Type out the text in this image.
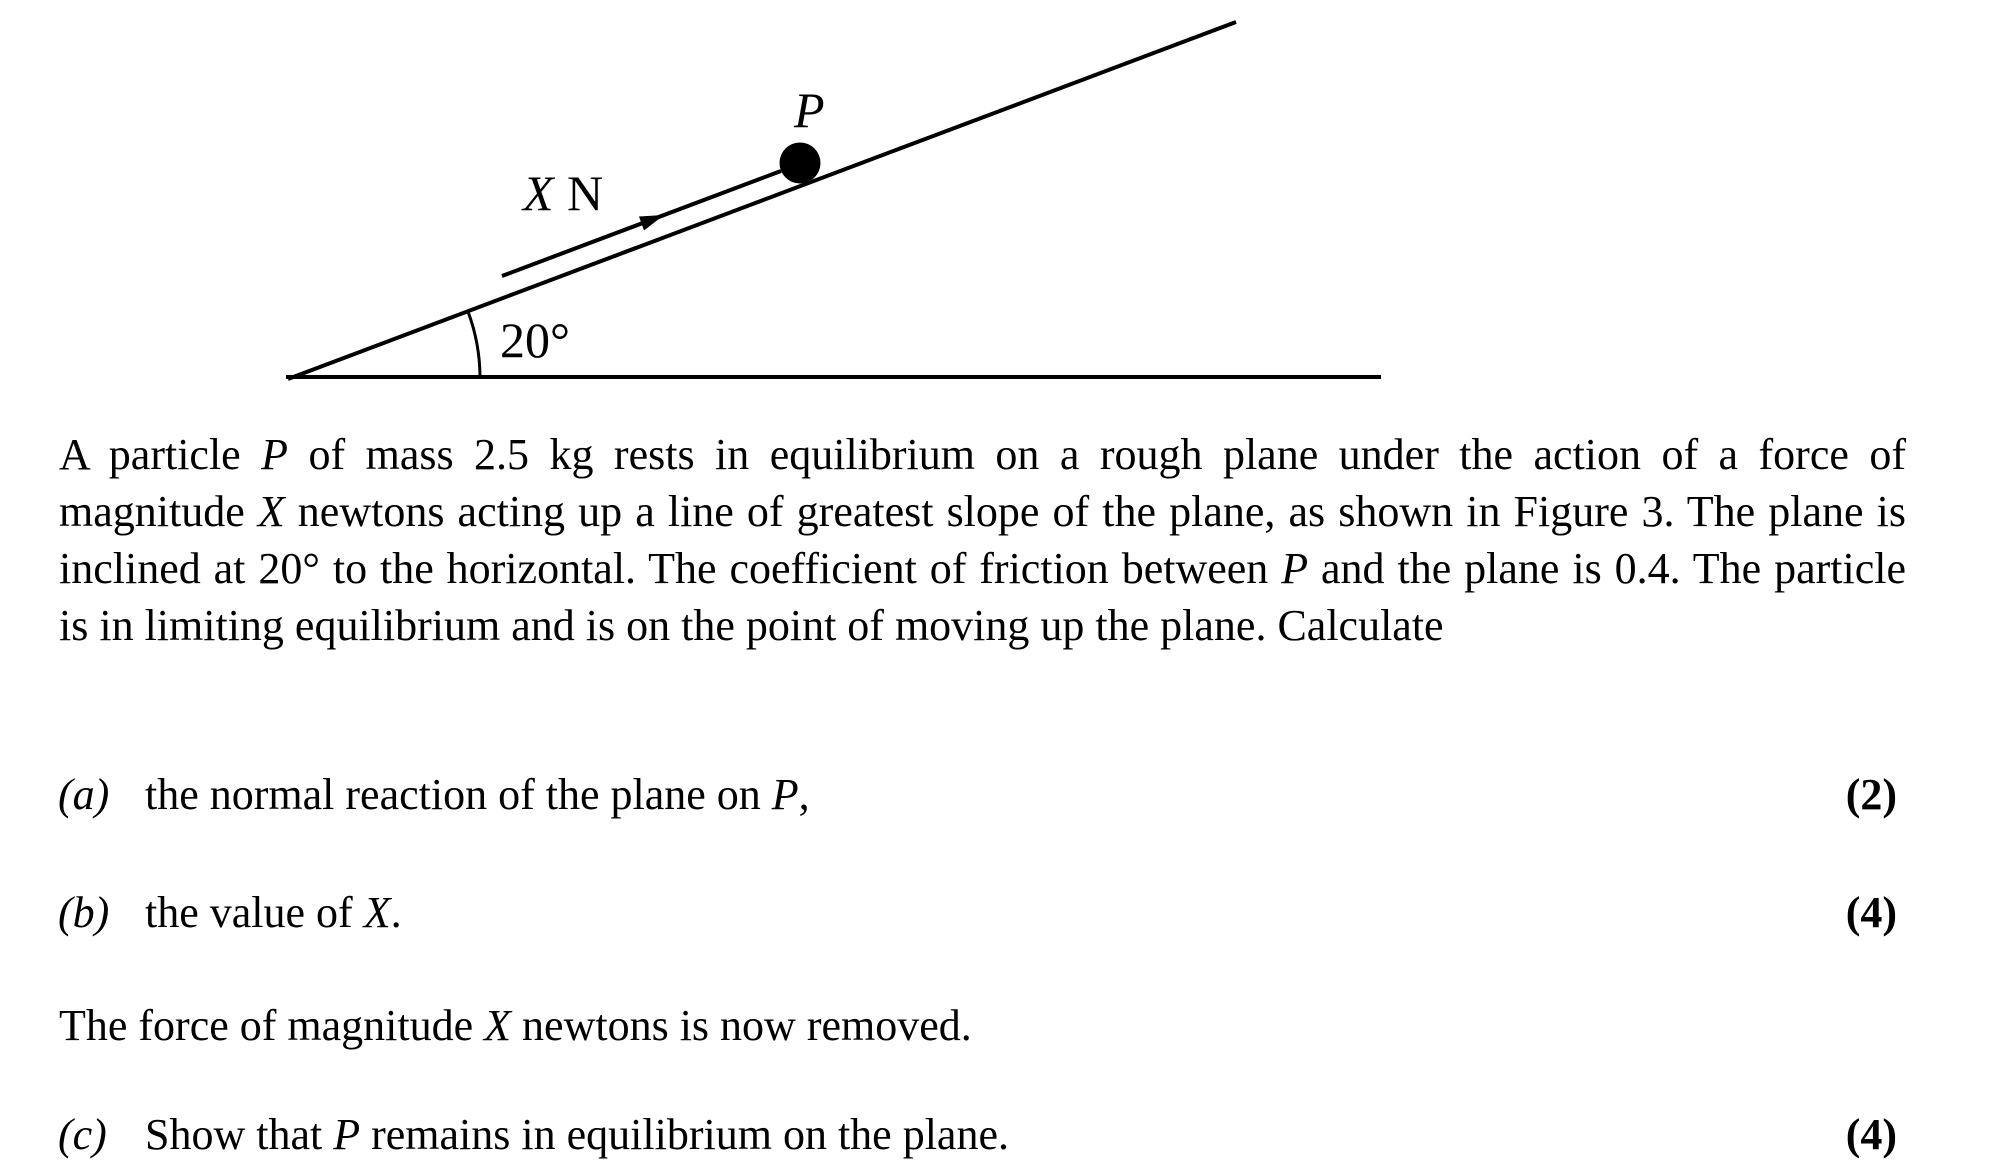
P
X N
20°
A particle P of mass 2.5 kg rests in equilibrium on a rough plane under the action of a force of magnitude X newtons acting up a line of greatest slope of the plane, as shown in Figure 3. The plane is inclined at 20° to the horizontal. The coefficient of friction between P and the plane is 0.4. The particle is in limiting equilibrium and is on the point of moving up the plane. Calculate
(a) the normal reaction of the plane on P,	(2)
(b) the value of X.	(4)
The force of magnitude X newtons is now removed.
(c) Show that P remains in equilibrium on the plane.	(4)
